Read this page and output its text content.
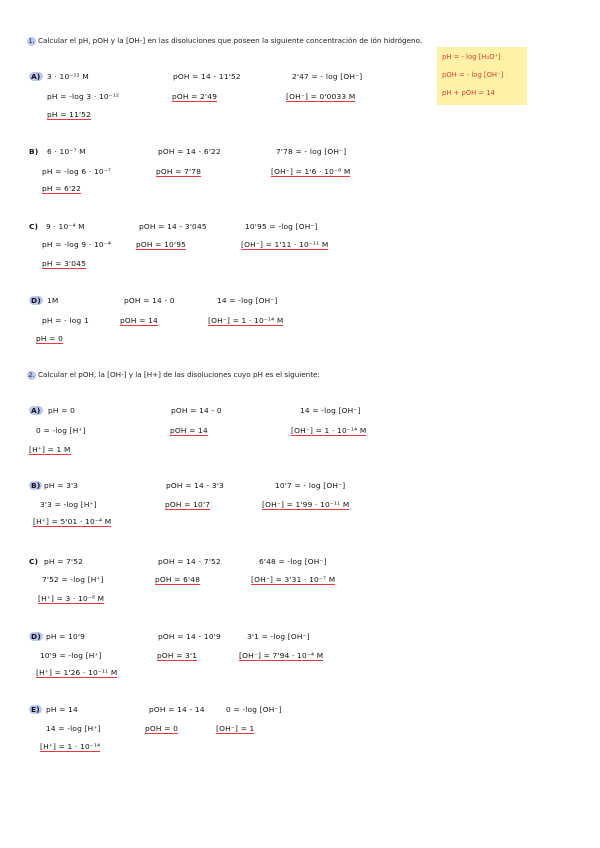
1. Calcular el pH, pOH y la [OH-] en las disoluciones que poseen la siguiente concentración de ión hidrógeno.
pH = - log [H₃O⁺]
pOH = - log [OH⁻]
pH + pOH = 14
A) 3 · 10⁻¹² M
pH = -log 3 · 10⁻¹²
pH = 11'52
pOH = 14 - 11'52
pOH = 2'49
2'47 = - log [OH⁻]
[OH⁻] = 0'0033 M
B) 6 · 10⁻⁷ M
pH = -log 6 · 10⁻⁷
pH = 6'22
pOH = 14 - 6'22
pOH = 7'78
7'78 = - log [OH⁻]
[OH⁻] = 1'6 · 10⁻⁸ M
C) 9 · 10⁻⁴ M
pH = -log 9 · 10⁻⁴
pH = 3'045
pOH = 14 - 3'045
pOH = 10'95
10'95 = -log [OH⁻]
[OH⁻] = 1'11 · 10⁻¹¹ M
D) 1M
pH = - log 1
pH = 0
pOH = 14 - 0
pOH = 14
14 = -log [OH⁻]
[OH⁻] = 1 · 10⁻¹⁴ M
2. Calcular el pOH, la [OH-] y la [H+] de las disoluciones cuyo pH es el siguiente:
A) pH = 0
0 = -log [H⁺]
[H⁺] = 1 M
pOH = 14 - 0
pOH = 14
14 = -log [OH⁻]
[OH⁻] = 1 · 10⁻¹⁴ M
B) pH = 3'3
3'3 = -log [H⁺]
[H⁺] = 5'01 · 10⁻⁴ M
pOH = 14 - 3'3
pOH = 10'7
10'7 = - log [OH⁻]
[OH⁻] = 1'99 · 10⁻¹¹ M
C) pH = 7'52
7'52 = -log [H⁺]
[H⁺] = 3 · 10⁻⁸ M
pOH = 14 - 7'52
pOH = 6'48
6'48 = -log [OH⁻]
[OH⁻] = 3'31 · 10⁻⁷ M
D) pH = 10'9
10'9 = -log [H⁺]
[H⁺] = 1'26 · 10⁻¹¹ M
pOH = 14 - 10'9
pOH = 3'1
3'1 = -log [OH⁻]
[OH⁻] = 7'94 · 10⁻⁴ M
E) pH = 14
14 = -log [H⁺]
[H⁺] = 1 · 10⁻¹⁴
pOH = 14 - 14
pOH = 0
0 = -log [OH⁻]
[OH⁻] = 1
